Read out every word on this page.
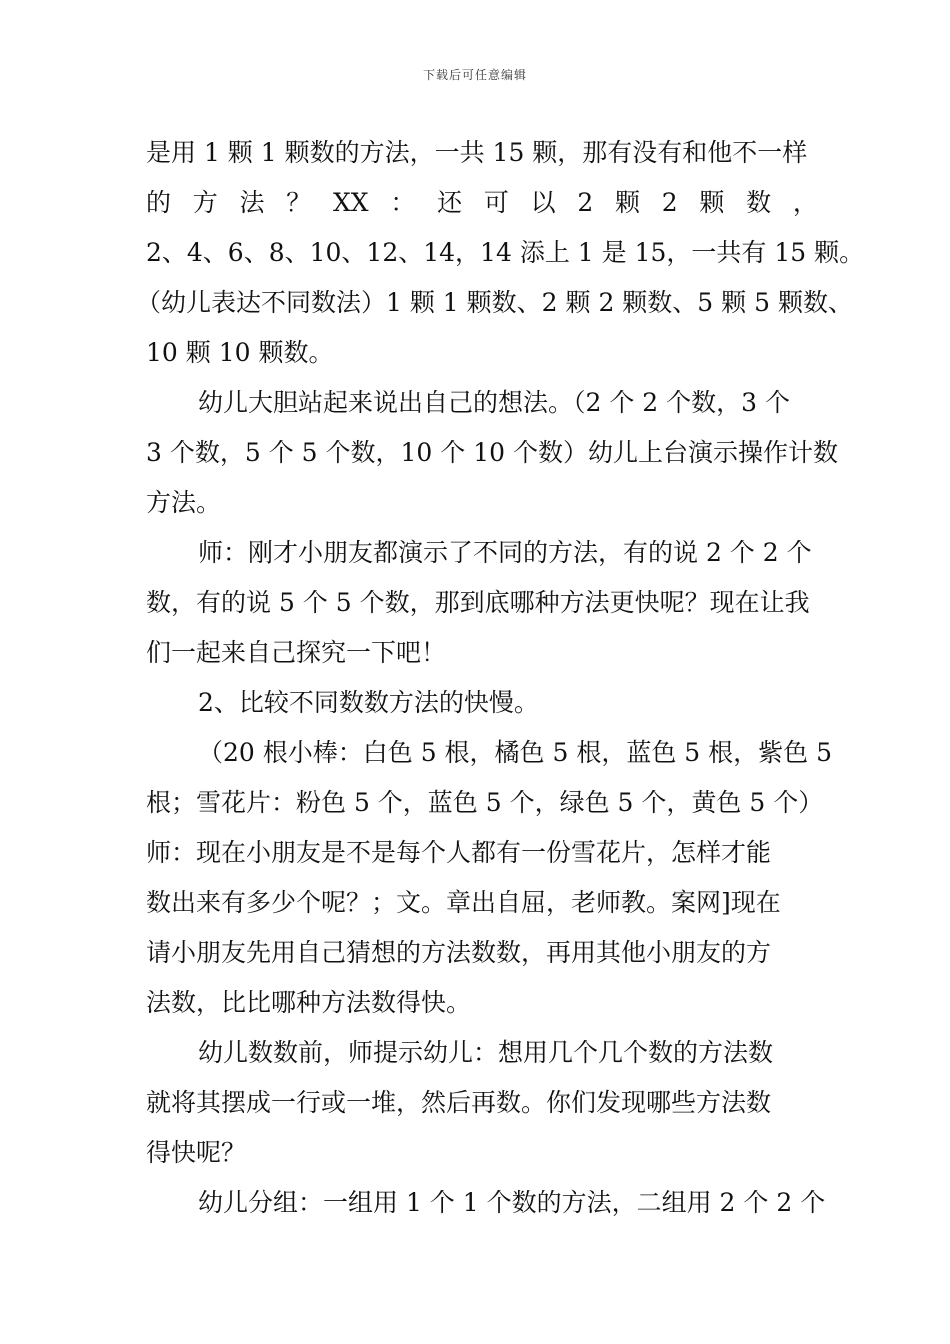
下载后可任意编辑
是用 1 颗 1 颗数的方法，一共 15 颗，那有没有和他不一样
的 方 法 ？ XX ： 还 可 以 2 颗 2 颗 数 ，
2、4、6、8、10、12、14，14 添上 1 是 15，一共有 15 颗。
（幼儿表达不同数法）1 颗 1 颗数、2 颗 2 颗数、5 颗 5 颗数、
10 颗 10 颗数。
幼儿大胆站起来说出自己的想法。（2 个 2 个数，3 个
3 个数，5 个 5 个数，10 个 10 个数）幼儿上台演示操作计数
方法。
师：刚才小朋友都演示了不同的方法，有的说 2 个 2 个
数，有的说 5 个 5 个数，那到底哪种方法更快呢？现在让我
们一起来自己探究一下吧！
2、比较不同数数方法的快慢。
（20 根小棒：白色 5 根，橘色 5 根，蓝色 5 根，紫色 5
根；雪花片：粉色 5 个，蓝色 5 个，绿色 5 个，黄色 5 个）
师：现在小朋友是不是每个人都有一份雪花片，怎样才能
数出来有多少个呢？；文。章出自屈，老师教。案网]现在
请小朋友先用自己猜想的方法数数，再用其他小朋友的方
法数，比比哪种方法数得快。
幼儿数数前，师提示幼儿：想用几个几个数的方法数
就将其摆成一行或一堆，然后再数。你们发现哪些方法数
得快呢？
幼儿分组：一组用 1 个 1 个数的方法，二组用 2 个 2 个
